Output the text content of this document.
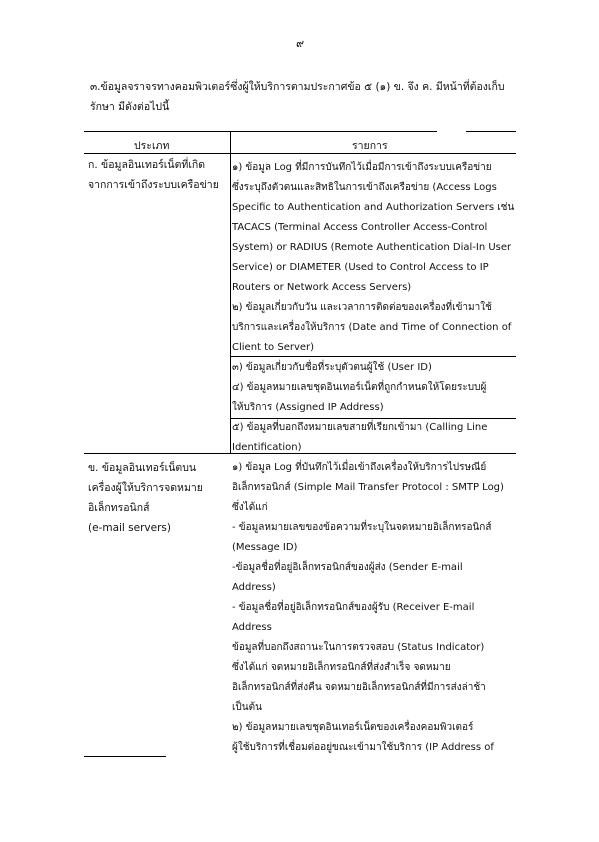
๙
๓.ข้อมูลจราจรทางคอมพิวเตอร์ซึ่งผู้ให้บริการตามประกาศข้อ ๕ (๑) ข. จึง ค. มีหน้าที่ต้องเก็บ
รักษา มีดังต่อไปนี้
ประเภท	รายการ
ก. ข้อมูลอินเทอร์เน็ตที่เกิด
จากการเข้าถึงระบบเครือข่าย
ข. ข้อมูลอินเทอร์เน็ตบน
เครื่องผู้ให้บริการจดหมาย
อิเล็กทรอนิกส์
(e-mail servers)
๑) ข้อมูล Log ที่มีการบันทึกไว้เมื่อมีการเข้าถึงระบบเครือข่าย
ซึ่งระบุถึงตัวตนและสิทธิในการเข้าถึงเครือข่าย (Access Logs
Specific to Authentication and Authorization Servers เช่น
TACACS (Terminal Access Controller Access-Control
System) or RADIUS (Remote Authentication Dial-In User
Service) or DIAMETER (Used to Control Access to IP
Routers or Network Access Servers)
๒) ข้อมูลเกี่ยวกับวัน และเวลาการติดต่อของเครื่องที่เข้ามาใช้
บริการและเครื่องให้บริการ (Date and Time of Connection of
Client to Server)
๓) ข้อมูลเกี่ยวกับชื่อที่ระบุตัวตนผู้ใช้ (User ID)
๔) ข้อมูลหมายเลขชุดอินเทอร์เน็ตที่ถูกกำหนดให้โดยระบบผู้
ให้บริการ (Assigned IP Address)
๕) ข้อมูลที่บอกถึงหมายเลขสายที่เรียกเข้ามา (Calling Line
Identification)
๑) ข้อมูล Log ที่บันทึกไว้เมื่อเข้าถึงเครื่องให้บริการไปรษณีย์
อิเล็กทรอนิกส์ (Simple Mail Transfer Protocol : SMTP Log)
ซึ่งได้แก่
- ข้อมูลหมายเลขของข้อความที่ระบุในจดหมายอิเล็กทรอนิกส์
(Message ID)
-ข้อมูลชื่อที่อยู่อิเล็กทรอนิกส์ของผู้ส่ง (Sender E-mail
Address)
- ข้อมูลชื่อที่อยู่อิเล็กทรอนิกส์ของผู้รับ (Receiver E-mail
Address
ข้อมูลที่บอกถึงสถานะในการตรวจสอบ (Status Indicator)
ซึ่งได้แก่ จดหมายอิเล็กทรอนิกส์ที่ส่งสำเร็จ จดหมาย
อิเล็กทรอนิกส์ที่ส่งคืน จดหมายอิเล็กทรอนิกส์ที่มีการส่งล่าช้า
เป็นต้น
๒) ข้อมูลหมายเลขชุดอินเทอร์เน็ตของเครื่องคอมพิวเตอร์
ผู้ใช้บริการที่เชื่อมต่ออยู่ขณะเข้ามาใช้บริการ (IP Address of
